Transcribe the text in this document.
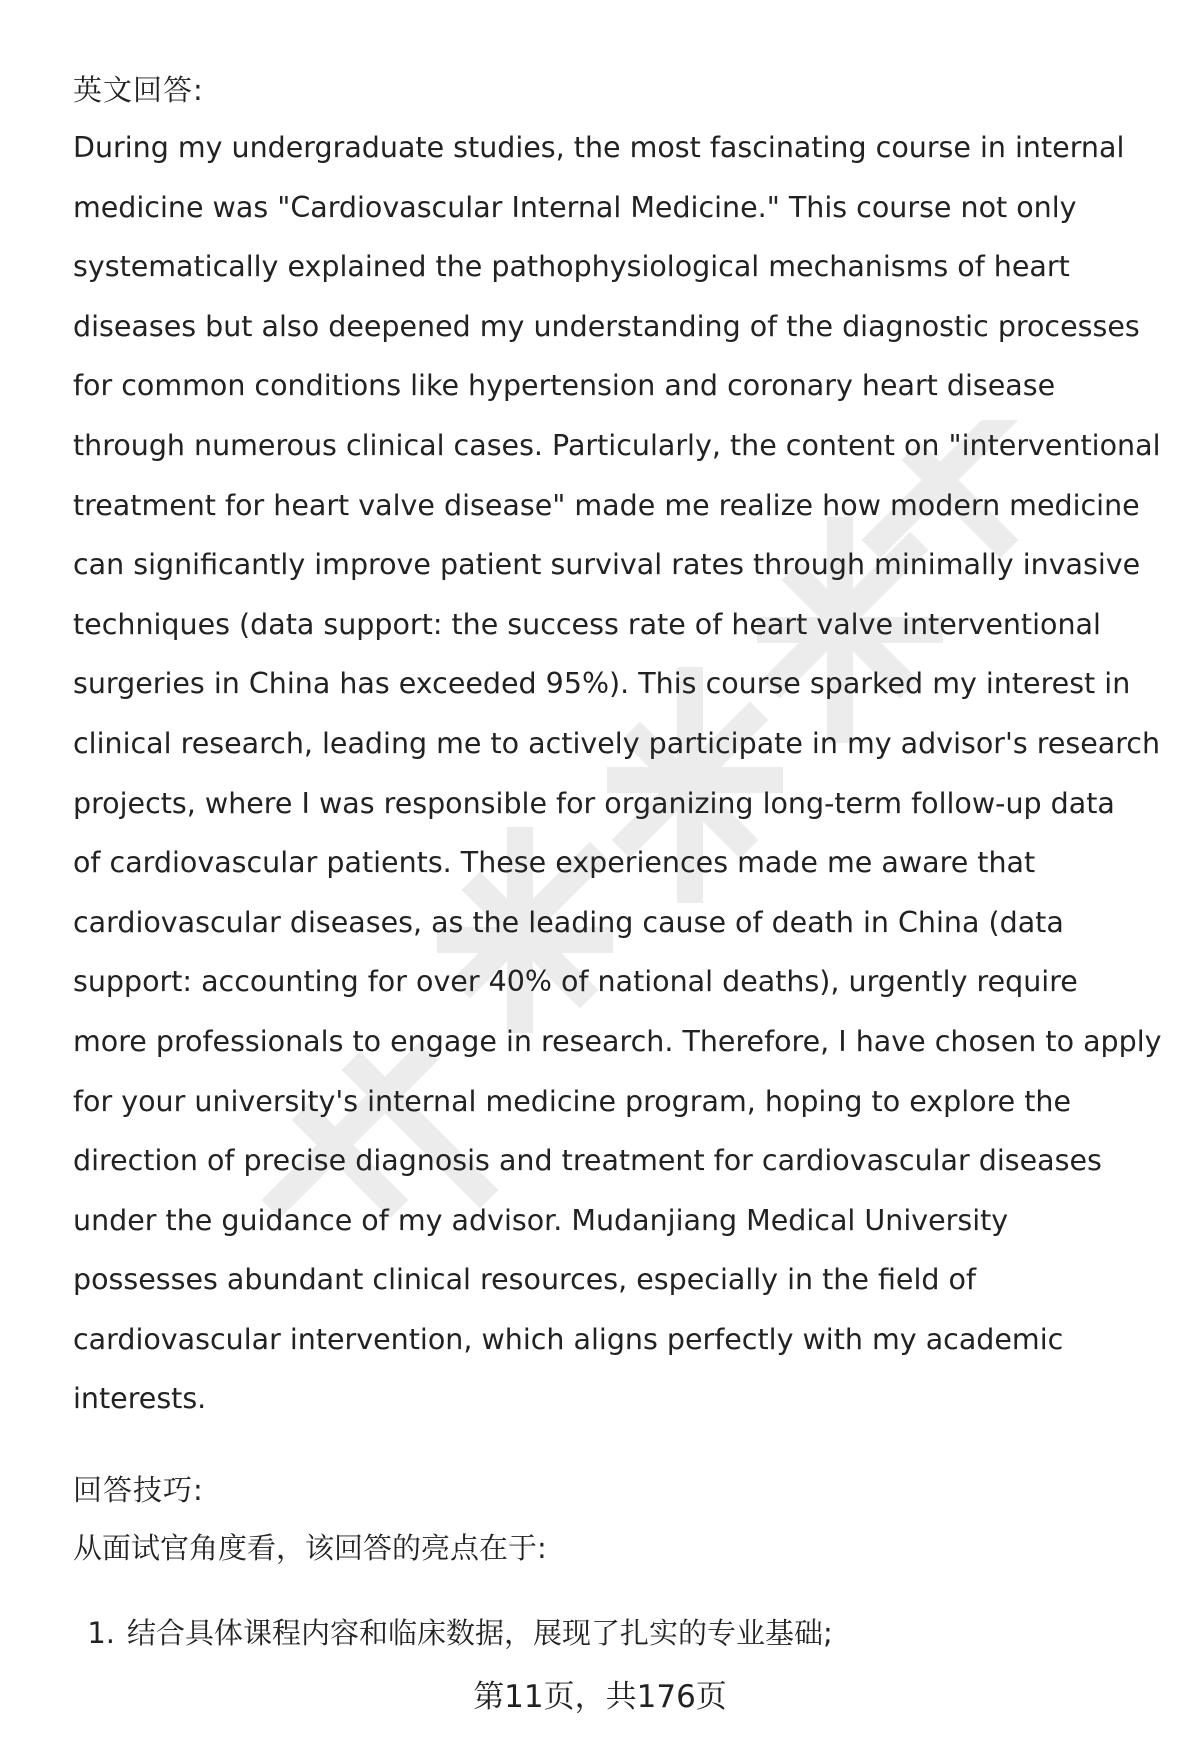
英文回答:

During my undergraduate studies, the most fascinating course in internal
medicine was "Cardiovascular Internal Medicine." This course not only
systematically explained the pathophysiological mechanisms of heart
diseases but also deepened my understanding of the diagnostic processes
for common conditions like hypertension and coronary heart disease
through numerous clinical cases. Particularly, the content on "interventional
treatment for heart valve disease" made me realize how modern medicine
can significantly improve patient survival rates through minimally invasive
techniques (data support: the success rate of heart valve interventional
surgeries in China has exceeded 95%). This course sparked my interest in
clinical research, leading me to actively participate in my advisor's research
projects, where I was responsible for organizing long-term follow-up data
of cardiovascular patients. These experiences made me aware that
cardiovascular diseases, as the leading cause of death in China (data
support: accounting for over 40% of national deaths), urgently require
more professionals to engage in research. Therefore, I have chosen to apply
for your university's internal medicine program, hoping to explore the
direction of precise diagnosis and treatment for cardiovascular diseases
under the guidance of my advisor. Mudanjiang Medical University
possesses abundant clinical resources, especially in the field of
cardiovascular intervention, which aligns perfectly with my academic
interests.

回答技巧:

从面试官角度看，该回答的亮点在于:

1. 结合具体课程内容和临床数据，展现了扎实的专业基础;
第11页，共176页
